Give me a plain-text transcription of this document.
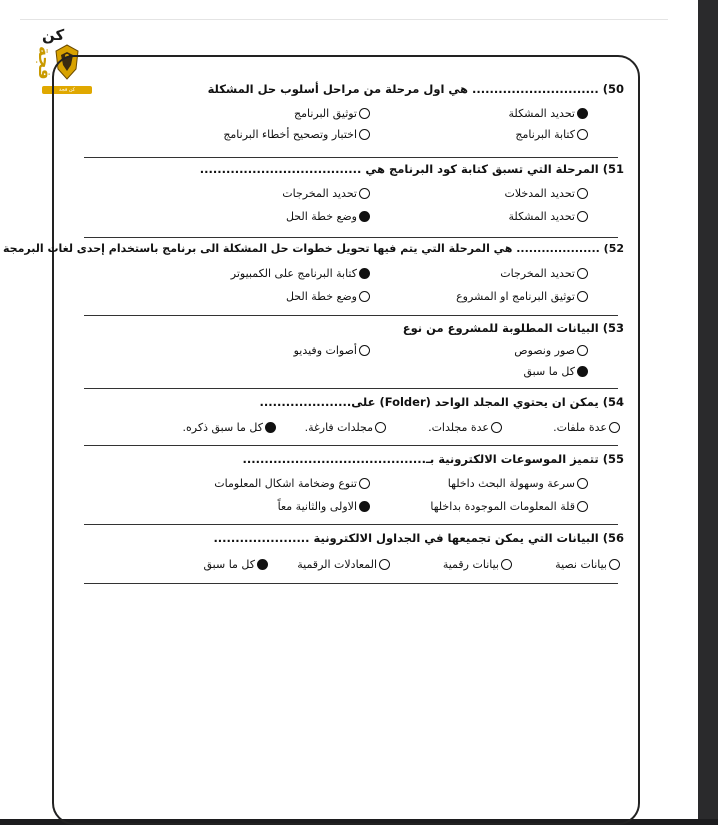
كن
فجة
كن فجة	50) ............................. هي اول مرحلة من مراحل أسلوب حل المشكلة
تحديد المشكلة
توثيق البرنامج
كتابة البرنامج
اختبار وتصحيح أخطاء البرنامج
51) المرحلة التي تسبق كتابة كود البرنامج هي .....................................
تحديد المدخلات
تحديد المخرجات
تحديد المشكلة
وضع خطة الحل
52) .................... هي المرحلة التي يتم فيها تحويل خطوات حل المشكلة الى برنامج باستخدام إحدى لغات البرمجة
تحديد المخرجات
كتابة البرنامج على الكمبيوتر
توثيق البرنامج او المشروع
وضع خطة الحل
53) البيانات المطلوبة للمشروع من نوع
صور ونصوص
أصوات وفيديو
كل ما سبق
54) يمكن ان يحتوي المجلد الواحد (Folder) على.....................
عدة ملفات.
عدة مجلدات.
مجلدات فارغة.
كل ما سبق ذكره.
55) تتميز الموسوعات الالكترونية بـ..........................................
سرعة وسهولة البحث داخلها
تنوع وضخامة اشكال المعلومات
قلة المعلومات الموجودة بداخلها
الاولى والثانية معاً
56) البيانات التي يمكن تجميعها في الجداول الالكترونية ......................
بيانات نصية
بيانات رقمية
المعادلات الرقمية
كل ما سبق
